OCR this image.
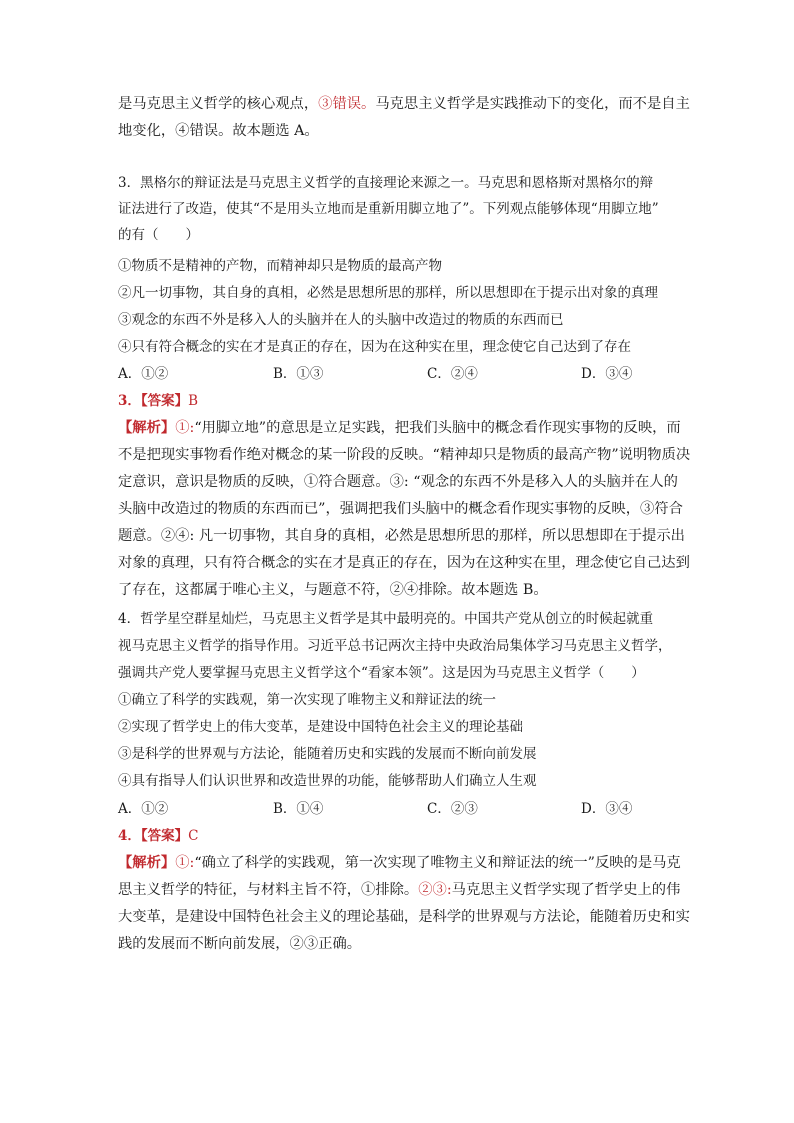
是马克思主义哲学的核心观点，③错误。马克思主义哲学是实践推动下的变化，而不是自主
地变化，④错误。故本题选 A。
3．黑格尔的辩证法是马克思主义哲学的直接理论来源之一。马克思和恩格斯对黑格尔的辩
证法进行了改造，使其“不是用头立地而是重新用脚立地了”。下列观点能够体现“用脚立地”
的有（　　）
①物质不是精神的产物，而精神却只是物质的最高产物
②凡一切事物，其自身的真相，必然是思想所思的那样，所以思想即在于提示出对象的真理
③观念的东西不外是移入人的头脑并在人的头脑中改造过的物质的东西而已
④只有符合概念的实在才是真正的存在，因为在这种实在里，理念使它自己达到了存在
A．①②	B．①③	C．②④	D．③④
3．【答案】B
【解析】①:“用脚立地”的意思是立足实践，把我们头脑中的概念看作现实事物的反映，而
不是把现实事物看作绝对概念的某一阶段的反映。“精神却只是物质的最高产物”说明物质决
定意识，意识是物质的反映，①符合题意。③: “观念的东西不外是移入人的头脑并在人的
头脑中改造过的物质的东西而已”，强调把我们头脑中的概念看作现实事物的反映，③符合
题意。②④: 凡一切事物，其自身的真相，必然是思想所思的那样，所以思想即在于提示出
对象的真理，只有符合概念的实在才是真正的存在，因为在这种实在里，理念使它自己达到
了存在，这都属于唯心主义，与题意不符，②④排除。故本题选 B。
4．哲学星空群星灿烂，马克思主义哲学是其中最明亮的。中国共产党从创立的时候起就重
视马克思主义哲学的指导作用。习近平总书记两次主持中央政治局集体学习马克思主义哲学，
强调共产党人要掌握马克思主义哲学这个“看家本领”。这是因为马克思主义哲学（　　）
①确立了科学的实践观，第一次实现了唯物主义和辩证法的统一
②实现了哲学史上的伟大变革，是建设中国特色社会主义的理论基础
③是科学的世界观与方法论，能随着历史和实践的发展而不断向前发展
④具有指导人们认识世界和改造世界的功能，能够帮助人们确立人生观
A．①②	B．①④	C．②③	D．③④
4．【答案】C
【解析】①:“确立了科学的实践观，第一次实现了唯物主义和辩证法的统一”反映的是马克
思主义哲学的特征，与材料主旨不符，①排除。②③:马克思主义哲学实现了哲学史上的伟
大变革，是建设中国特色社会主义的理论基础，是科学的世界观与方法论，能随着历史和实
践的发展而不断向前发展，②③正确。
